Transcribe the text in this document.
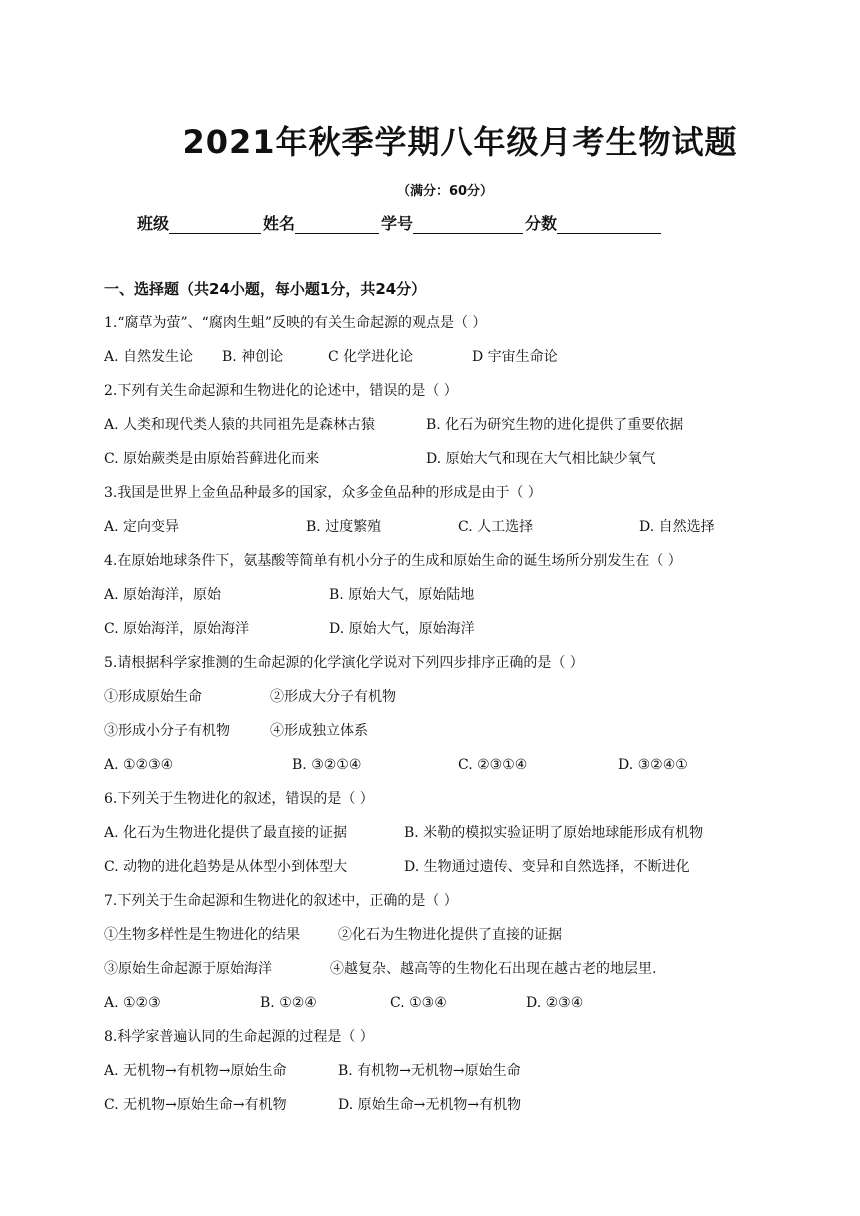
2021年秋季学期八年级月考生物试题
（满分：60分）
班级	姓名	学号	分数
一、选择题（共24小题，每小题1分，共24分）
1.“腐草为萤”、“腐肉生蛆”反映的有关生命起源的观点是（ ）
A. 自然发生论 B. 神创论	C 化学进化论	D 宇宙生命论
2.下列有关生命起源和生物进化的论述中，错误的是（ ）
A. 人类和现代类人猿的共同祖先是森林古猿	B. 化石为研究生物的进化提供了重要依据
C. 原始蕨类是由原始苔藓进化而来	D. 原始大气和现在大气相比缺少氧气
3.我国是世界上金鱼品种最多的国家，众多金鱼品种的形成是由于（ ）
A. 定向变异	B. 过度繁殖	C. 人工选择	D. 自然选择
4.在原始地球条件下，氨基酸等简单有机小分子的生成和原始生命的诞生场所分别发生在（ ）
A. 原始海洋，原始	B. 原始大气，原始陆地
C. 原始海洋，原始海洋	D. 原始大气，原始海洋
5.请根据科学家推测的生命起源的化学演化学说对下列四步排序正确的是（ ）
①形成原始生命	②形成大分子有机物
③形成小分子有机物	④形成独立体系
A. ①②③④	B. ③②①④	C. ②③①④	D. ③②④①
6.下列关于生物进化的叙述，错误的是（ ）
A. 化石为生物进化提供了最直接的证据	B. 米勒的模拟实验证明了原始地球能形成有机物
C. 动物的进化趋势是从体型小到体型大	D. 生物通过遗传、变异和自然选择，不断进化
7.下列关于生命起源和生物进化的叙述中，正确的是（ ）
①生物多样性是生物进化的结果	②化石为生物进化提供了直接的证据
③原始生命起源于原始海洋	④越复杂、越高等的生物化石出现在越古老的地层里.
A. ①②③	B. ①②④	C. ①③④	D. ②③④
8.科学家普遍认同的生命起源的过程是（ ）
A. 无机物→有机物→原始生命	B. 有机物→无机物→原始生命
C. 无机物→原始生命→有机物	D. 原始生命→无机物→有机物
